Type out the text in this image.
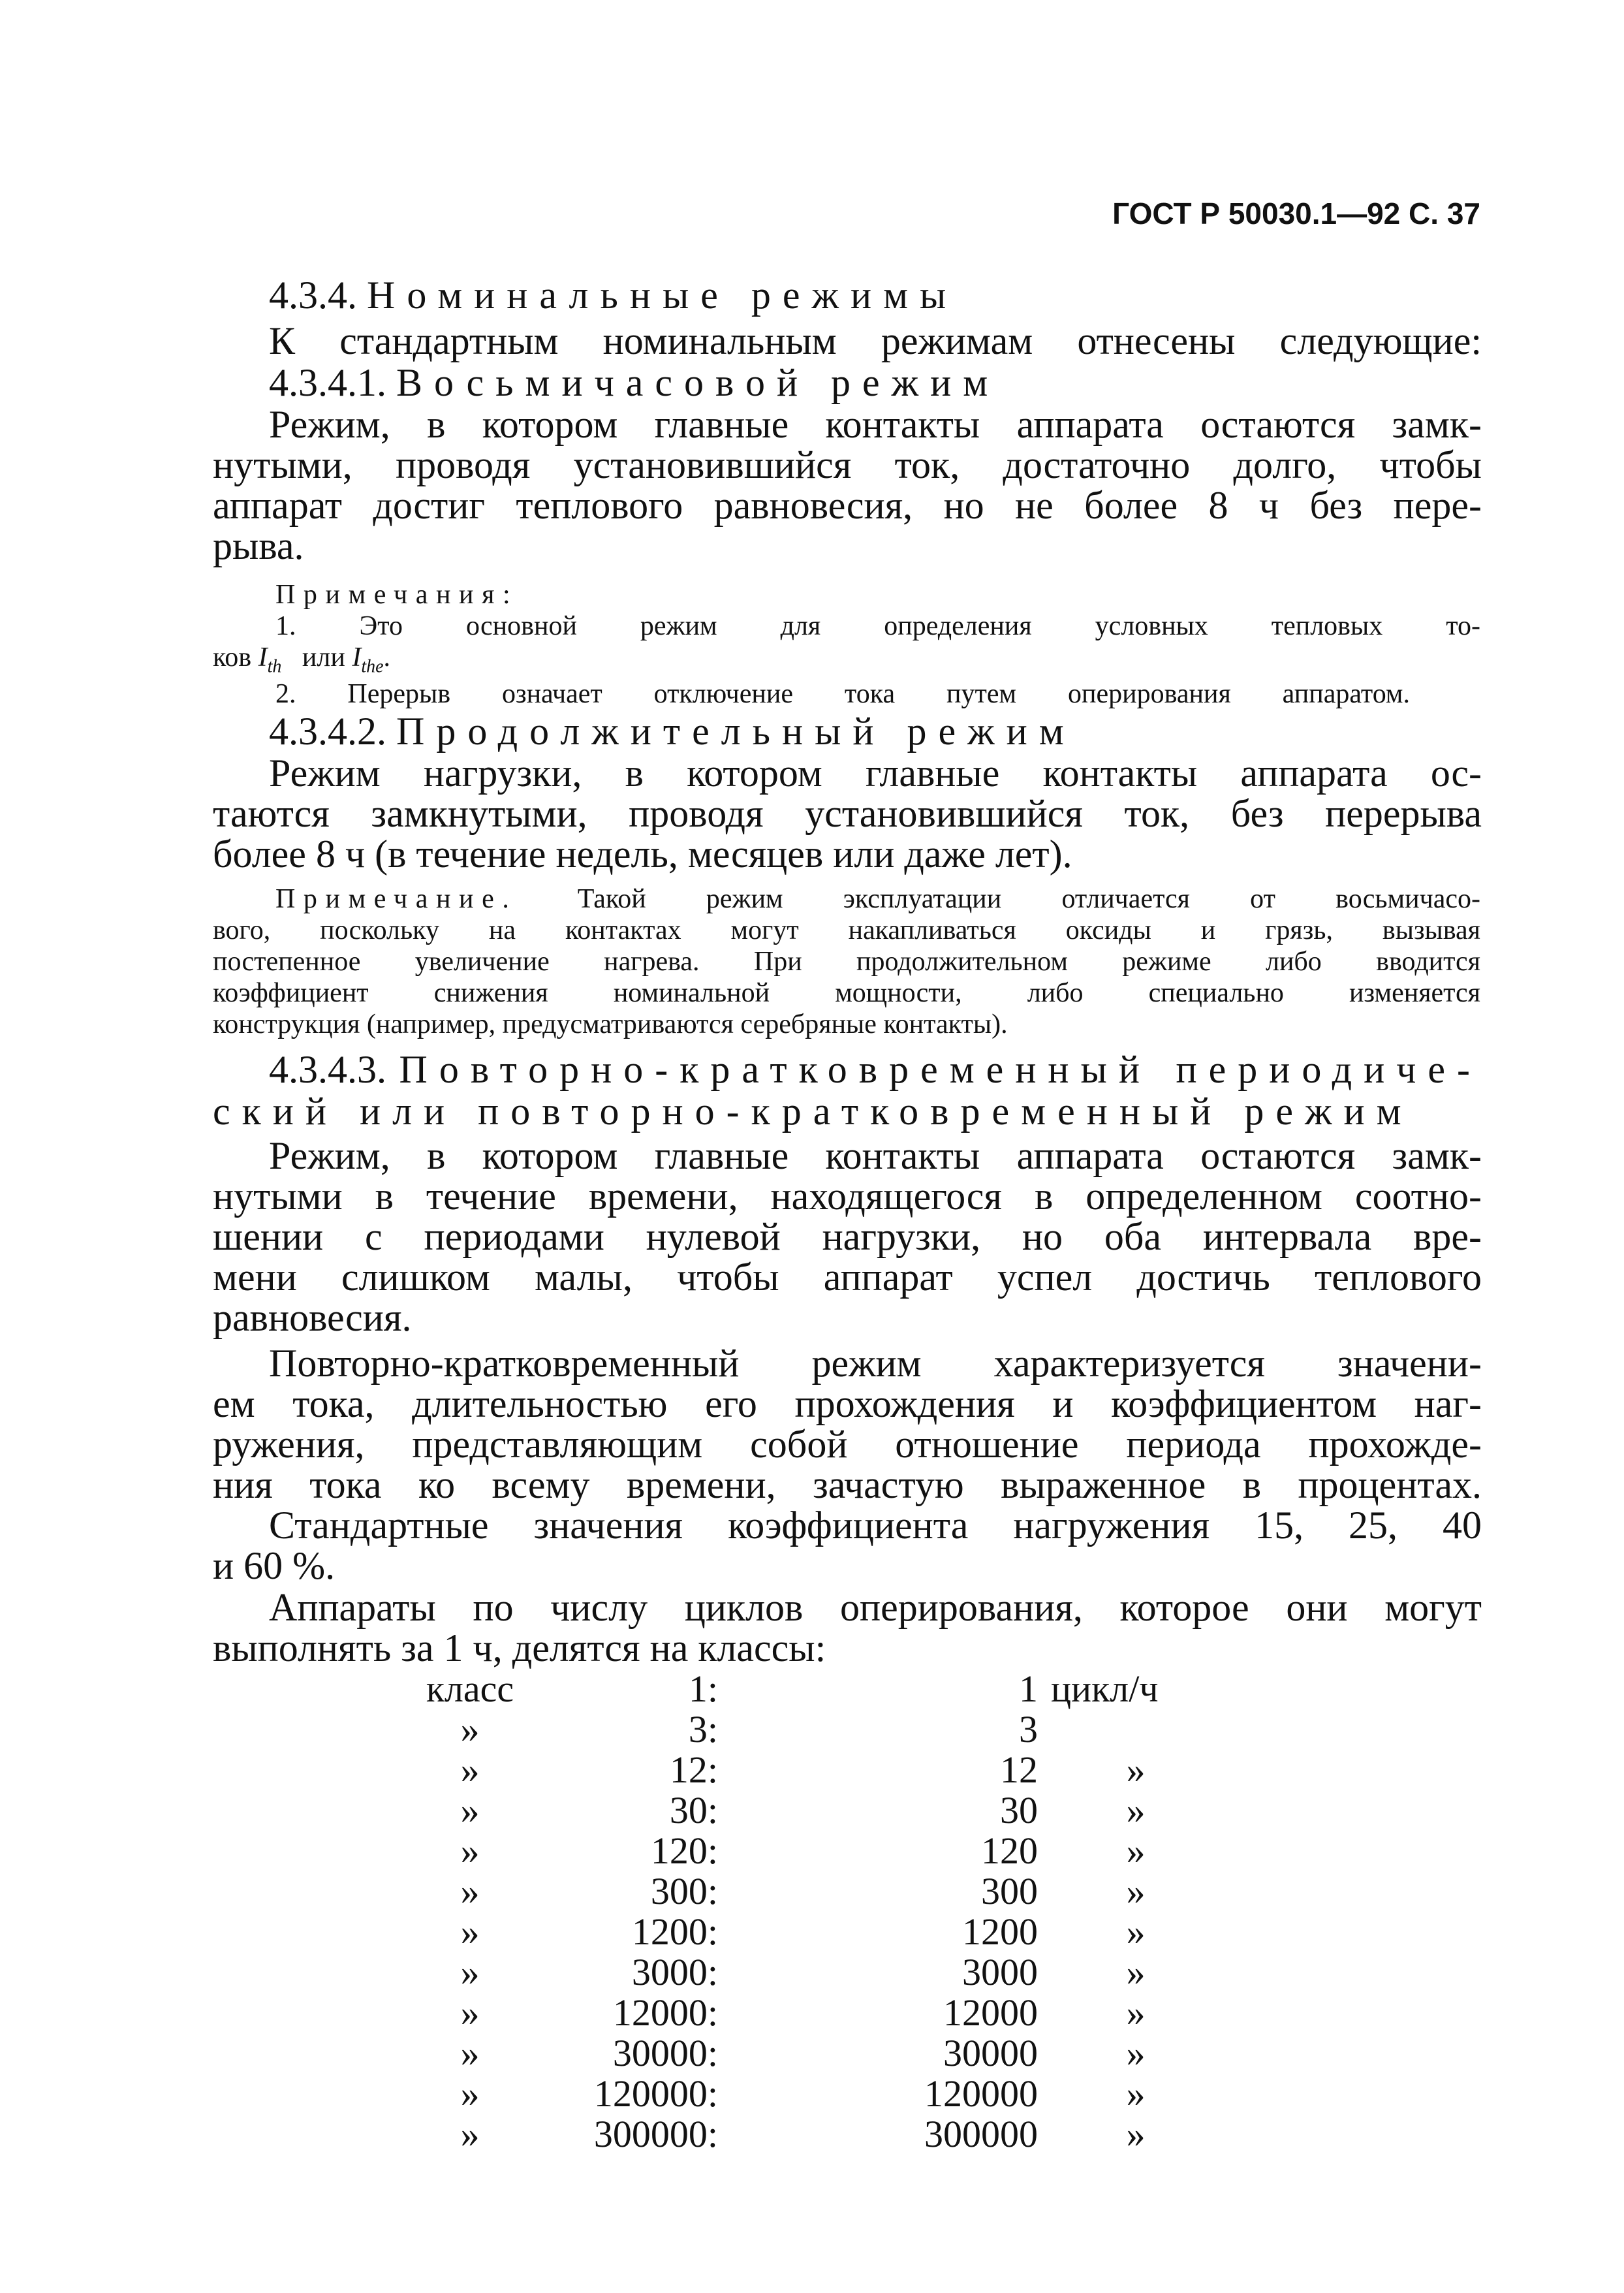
ГОСТ Р 50030.1—92 С. 37
4.3.4. Номинальные режимы
К стандартным номинальным режимам отнесены следующие:
4.3.4.1. Восьмичасовой режим
Режим, в котором главные контакты аппарата остаются замк-
нутыми, проводя установившийся ток, достаточно долго, чтобы
аппарат достиг теплового равновесия, но не более 8 ч без пере-
рыва.
Примечания:
1. Это основной режим для определения условных тепловых то-
ков $I_{th}$ или $I_{the}$.
2. Перерыв означает отключение тока путем оперирования аппаратом.
4.3.4.2. Продолжительный режим
Режим нагрузки, в котором главные контакты аппарата ос-
таются замкнутыми, проводя установившийся ток, без перерыва
более 8 ч (в течение недель, месяцев или даже лет).
Примечание. Такой режим эксплуатации отличается от восьмичасо-
вого, поскольку на контактах могут накапливаться оксиды и грязь, вызывая
постепенное увеличение нагрева. При продолжительном режиме либо вводится
коэффициент снижения номинальной мощности, либо специально изменяется
конструкция (например, предусматриваются серебряные контакты).
4.3.4.3. Повторно-кратковременный периодиче-
ский или повторно-кратковременный режим
Режим, в котором главные контакты аппарата остаются замк-
нутыми в течение времени, находящегося в определенном соотно-
шении с периодами нулевой нагрузки, но оба интервала вре-
мени слишком малы, чтобы аппарат успел достичь теплового
равновесия.
Повторно-кратковременный режим характеризуется значени-
ем тока, длительностью его прохождения и коэффициентом наг-
ружения, представляющим собой отношение периода прохожде-
ния тока ко всему времени, зачастую выраженное в процентах.
Стандартные значения коэффициента нагружения 15, 25, 40
и 60 %.
Аппараты по числу циклов оперирования, которое они могут
выполнять за 1 ч, делятся на классы:
класс	1:	1 цикл/ч
»	3:	3
»	12:	12	»
»	30:	30	»
»	120:	120	»
»	300:	300	»
»	1200:	1200	»
»	3000:	3000	»
»	12000:	12000	»
»	30000:	30000	»
»	120000:	120000	»
»	300000:	300000	»
